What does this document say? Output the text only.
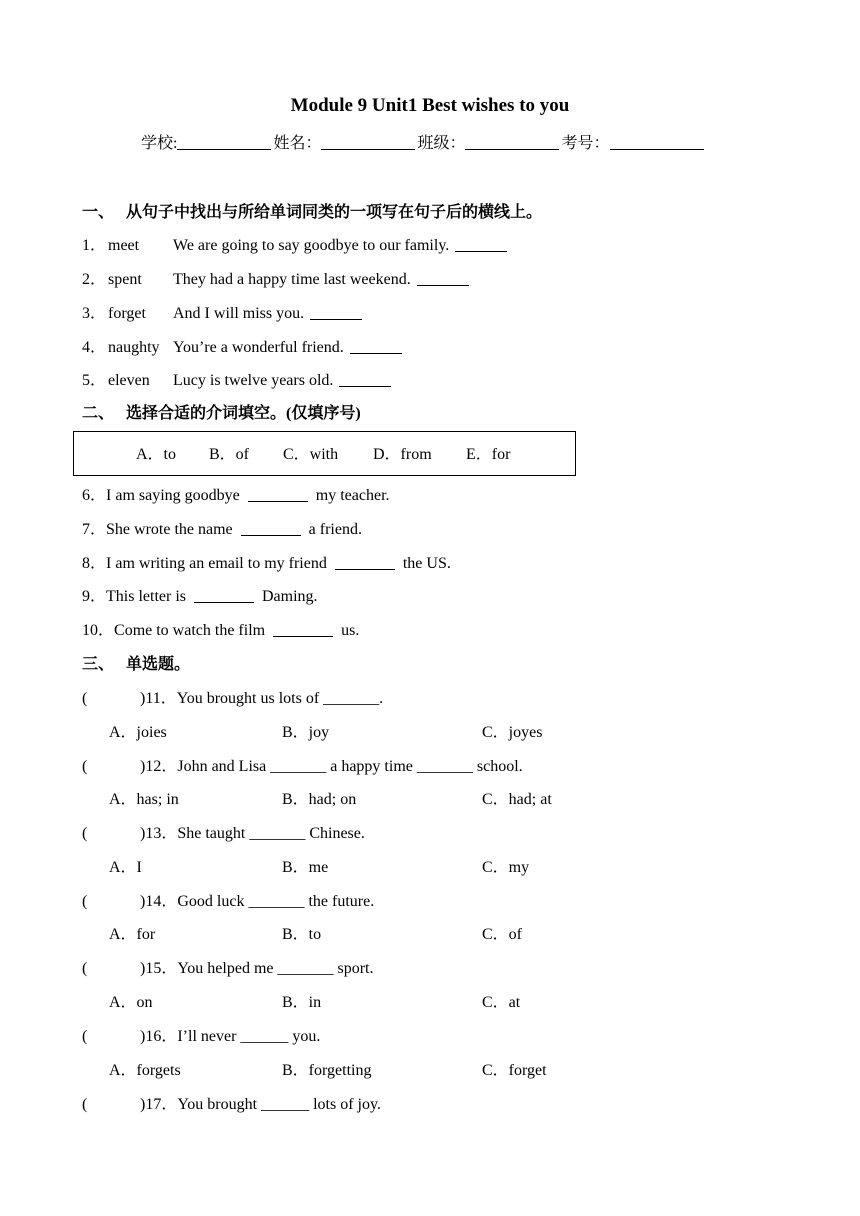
Module 9 Unit1 Best wishes to you
学校:	姓名：	班级：	考号：
一、 从句子中找出与所给单词同类的一项写在句子后的横线上。
1． meet We are going to say goodbye to our family.
2． spent They had a happy time last weekend.
3． forget And I will miss you.
4． naughty You’re a wonderful friend.
5． eleven Lucy is twelve years old.
二、 选择合适的介词填空。(仅填序号)
A．to B．of C．with D．from E．for
6．I am saying goodbye	my teacher.
7．She wrote the name	a friend.
8．I am writing an email to my friend	the US.
9．This letter is	Daming.
10．Come to watch the film	us.
三、 单选题。
(	)11．You brought us lots of _______.
A．joies	B．joy	C．joyes
(	)12．John and Lisa _______ a happy time _______ school.
A．has; in	B．had; on	C．had; at
(	)13．She taught _______ Chinese.
A．I	B．me	C．my
(	)14．Good luck _______ the future.
A．for	B．to	C．of
(	)15．You helped me _______ sport.
A．on	B．in	C．at
(	)16．I’ll never ______ you.
A．forgets	B．forgetting	C．forget
(	)17．You brought ______ lots of joy.
